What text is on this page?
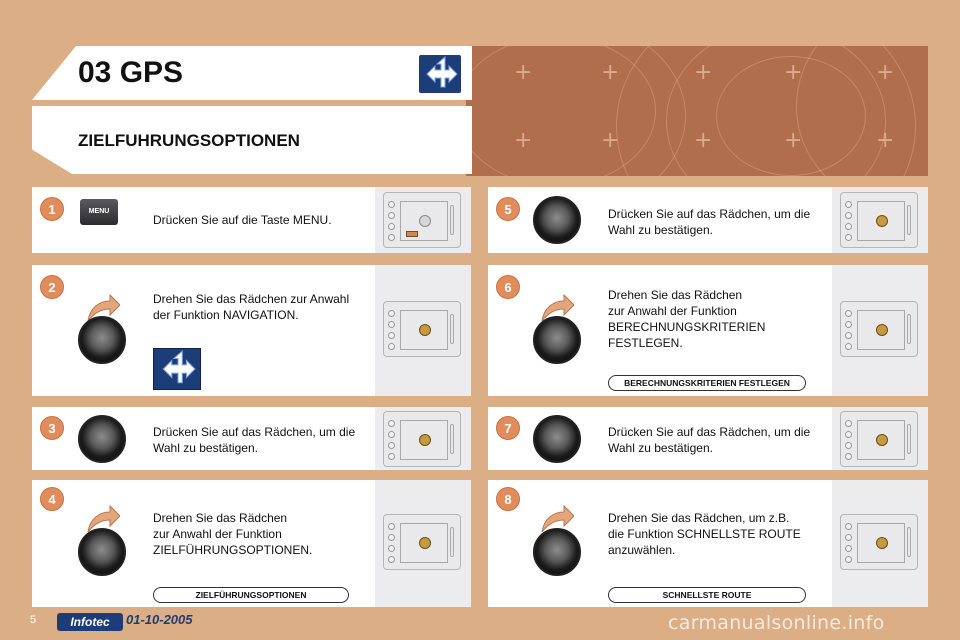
+	+	+	+	+
+	+	+	+	+
03 GPS
ZIELFUHRUNGSOPTIONEN
1	MENU
Drücken Sie auf die Taste MENU.
2
Drehen Sie das Rädchen zur Anwahl
der Funktion NAVIGATION.
3	Drücken Sie auf das Rädchen, um die
Wahl zu bestätigen.
4
Drehen Sie das Rädchen
zur Anwahl der Funktion
ZIELFÜHRUNGSOPTIONEN.
ZIELFÜHRUNGSOPTIONEN
5	Drücken Sie auf das Rädchen, um die
Wahl zu bestätigen.
6	Drehen Sie das Rädchen
zur Anwahl der Funktion
BERECHNUNGSKRITERIEN
FESTLEGEN.
BERECHNUNGSKRITERIEN FESTLEGEN
7	Drücken Sie auf das Rädchen, um die
Wahl zu bestätigen.
8
Drehen Sie das Rädchen, um z.B.
die Funktion SCHNELLSTE ROUTE
anzuwählen.
SCHNELLSTE ROUTE
5	Infotec	01-10-2005	carmanualsonline.info
